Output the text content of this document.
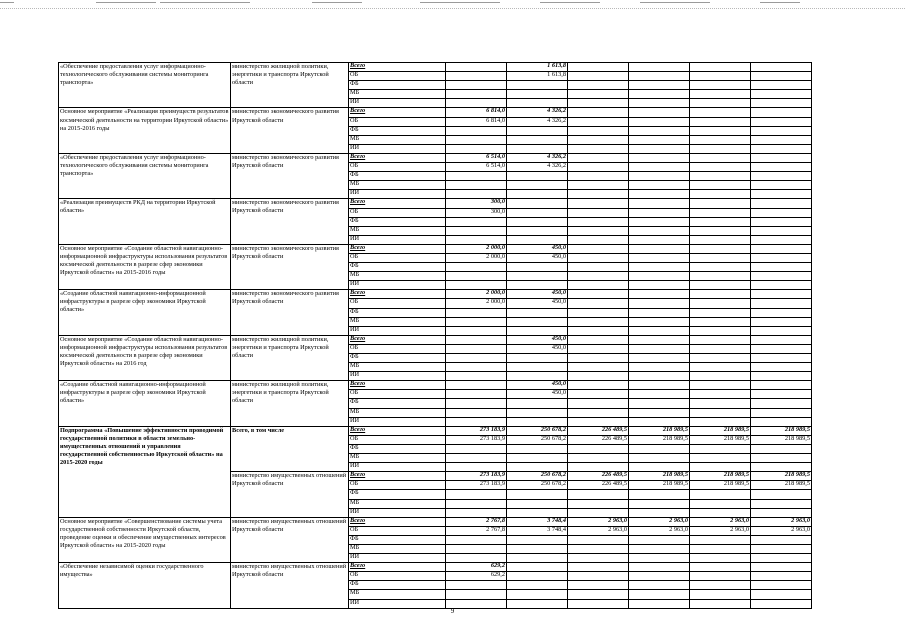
«Обеспечение предоставления услуг информационно-технологического обслуживания системы мониторинга транспорта»	министерство жилищной политики, энергетики и транспорта Иркутской области	Всего		1 613,8				
		ОБ		1 613,8				
		ФБ						
		МБ						
		ИИ						
Основное мероприятие «Реализация преимуществ результатов космической деятельности на территории Иркутской области» на 2015-2016 годы	министерство экономического развития Иркутской области	Всего	6 814,0	4 326,2				
		ОБ	6 814,0	4 326,2				
		ФБ						
		МБ						
		ИИ						
«Обеспечение предоставления услуг информационно-технологического обслуживания системы мониторинга транспорта»	министерство экономического развития Иркутской области	Всего	6 514,0	4 326,2				
		ОБ	6 514,0	4 326,2				
		ФБ						
		МБ						
		ИИ						
«Реализация преимуществ РКД на территории Иркутской области»	министерство экономического развития Иркутской области	Всего	300,0					
		ОБ	300,0					
		ФБ						
		МБ						
		ИИ						
Основное мероприятие «Создание областной навигационно-информационной инфраструктуры использования результатов космической деятельности в разрезе сфер экономики Иркутской области» на 2015-2016 годы	министерство экономического развития Иркутской области	Всего	2 000,0	450,0				
		ОБ	2 000,0	450,0				
		ФБ						
		МБ						
		ИИ						
«Создание областной навигационно-информационной инфраструктуры в разрезе сфер экономики Иркутской области»	министерство экономического развития Иркутской области	Всего	2 000,0	450,0				
		ОБ	2 000,0	450,0				
		ФБ						
		МБ						
		ИИ						
Основное мероприятие «Создание областной навигационно-информационной инфраструктуры использования результатов космической деятельности в разрезе сфер экономики Иркутской области» на 2016 год	министерство жилищной политики, энергетики и транспорта Иркутской области	Всего		450,0				
		ОБ		450,0				
		ФБ						
		МБ						
		ИИ						
«Создание областной навигационно-информационной инфраструктуры в разрезе сфер экономики Иркутской области»	министерство жилищной политики, энергетики и транспорта Иркутской области	Всего		450,0				
		ОБ		450,0				
		ФБ						
		МБ						
		ИИ						
Подпрограмма «Повышение эффективности проводимой государственной политики в области земельно-имущественных отношений и управления государственной собственностью Иркутской области» на 2015-2020 годы	Всего, в том числе	Всего	273 183,9	250 678,2	226 489,5	218 989,5	218 989,5	218 989,5
		ОБ	273 183,9	250 678,2	226 489,5	218 989,5	218 989,5	218 989,5
		ФБ						
		МБ						
		ИИ						
	министерство имущественных отношений Иркутской области	Всего	273 183,9	250 678,2	226 489,5	218 989,5	218 989,5	218 989,5
		ОБ	273 183,9	250 678,2	226 489,5	218 989,5	218 989,5	218 989,5
		ФБ						
		МБ						
		ИИ						
Основное мероприятие «Совершенствование системы учета государственной собственности Иркутской области, проведение оценки и обеспечение имущественных интересов Иркутской области» на 2015-2020 годы	министерство имущественных отношений Иркутской области	Всего	2 767,8	3 748,4	2 963,0	2 963,0	2 963,0	2 963,0
		ОБ	2 767,8	3 748,4	2 963,0	2 963,0	2 963,0	2 963,0
		ФБ						
		МБ						
		ИИ						
«Обеспечение независимой оценки государственного имущества»	министерство имущественных отношений Иркутской области	Всего	629,2					
		ОБ	629,2					
		ФБ						
		МБ						
		ИИ						
9
